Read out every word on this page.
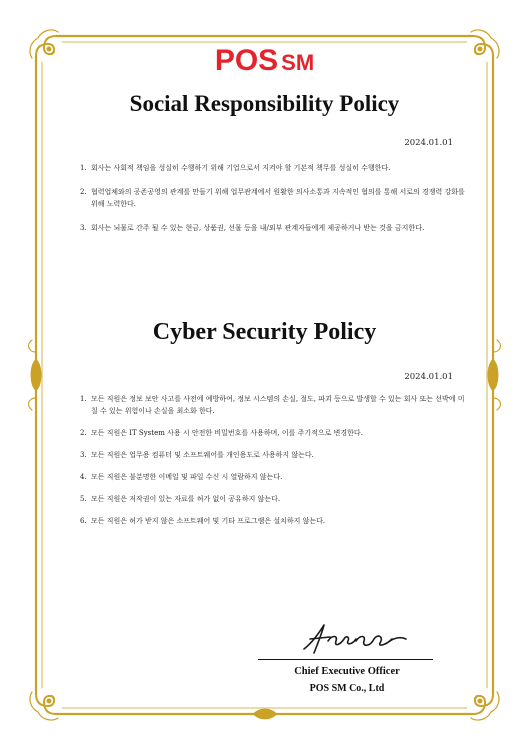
POS SM
Social Responsibility Policy
2024.01.01
1. 회사는 사회적 책임을 성실히 수행하기 위해 기업으로서 지켜야 할 기본적 책무를 성실히 수행한다.
2. 협력업체와의 공존공영의 관계를 만들기 위해 업무관계에서 원활한 의사소통과 지속적인 협의를 통해 서로의 경쟁력 강화를 위해 노력한다.
3. 회사는 뇌물로 간주 될 수 있는 현금, 상품권, 선물 등을 내/외부 관계자들에게 제공하거나 받는 것을 금지한다.
Cyber Security Policy
2024.01.01
1. 모든 직원은 정보 보안 사고를 사전에 예방하여, 정보 시스템의 손실, 절도, 파괴 등으로 발생할 수 있는 회사 또는 선박에 미칠 수 있는 위험이나 손실을 최소화 한다.
2. 모든 직원은 IT System 사용 시 안전한 비밀번호를 사용하며, 이를 주기적으로 변경한다.
3. 모든 직원은 업무용 컴퓨터 및 소프트웨어를 개인용도로 사용하지 않는다.
4. 모든 직원은 불분명한 이메일 및 파일 수신 시 열람하지 않는다.
5. 모든 직원은 저작권이 있는 자료를 허가 없이 공유하지 않는다.
6. 모든 직원은 허가 받지 않은 소프트웨어 및 기타 프로그램은 설치하지 않는다.
Chief Executive Officer
POS SM Co., Ltd
